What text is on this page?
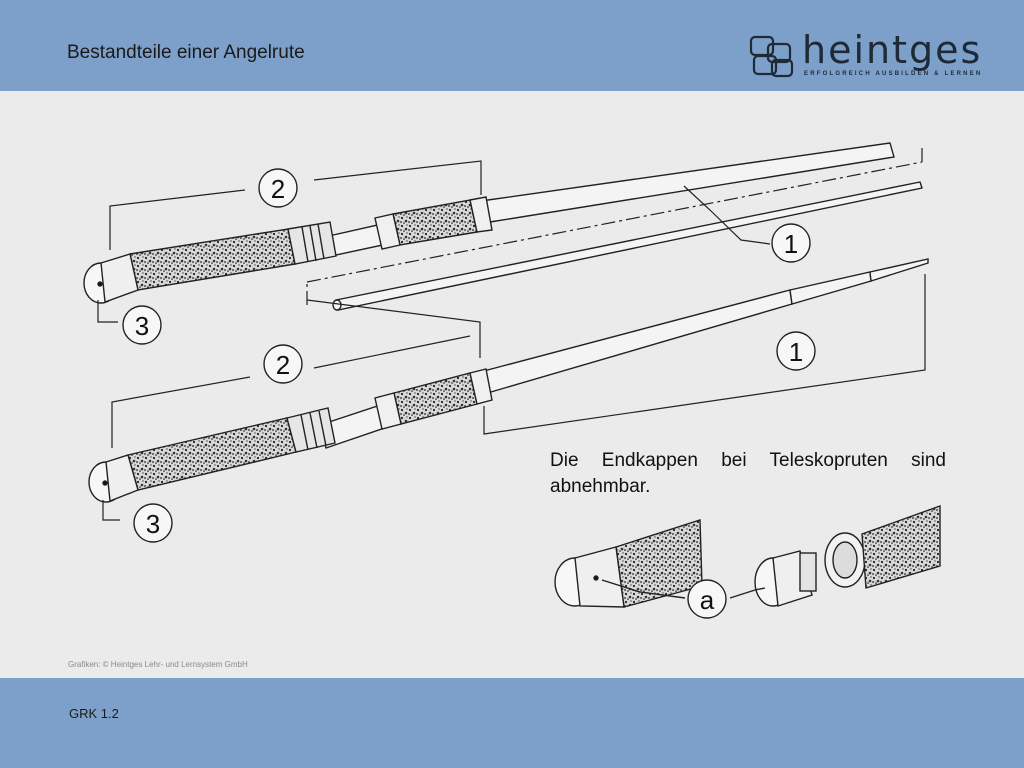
Bestandteile einer Angelrute	heintges
ERFOLGREICH AUSBILDEN & LERNEN
2
1
3
2	1
3
a
Die Endkappen bei Teleskopruten sind abnehmbar.
Grafiken: © Heintges Lehr- und Lernsystem GmbH
GRK 1.2
